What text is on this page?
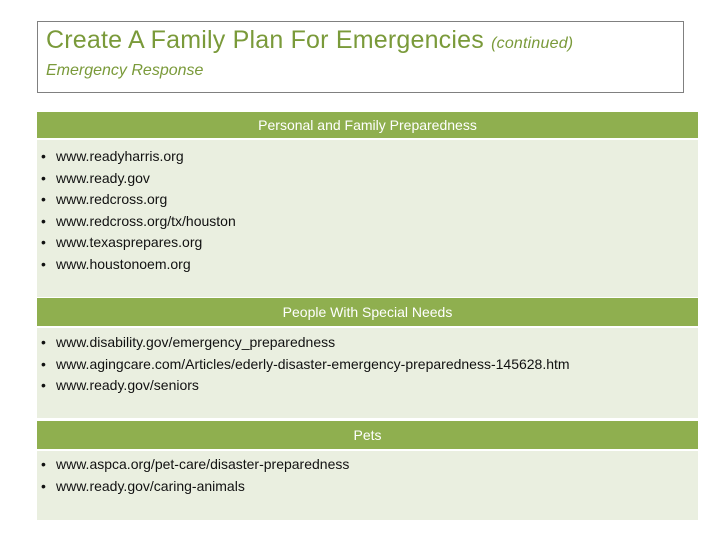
Create A Family Plan For Emergencies (continued)
Emergency Response
Personal and Family Preparedness
• www.readyharris.org
• www.ready.gov
• www.redcross.org
• www.redcross.org/tx/houston
• www.texasprepares.org
• www.houstonoem.org
People With Special Needs
• www.disability.gov/emergency_preparedness
• www.agingcare.com/Articles/ederly-disaster-emergency-preparedness-145628.htm
• www.ready.gov/seniors
Pets
• www.aspca.org/pet-care/disaster-preparedness
• www.ready.gov/caring-animals
